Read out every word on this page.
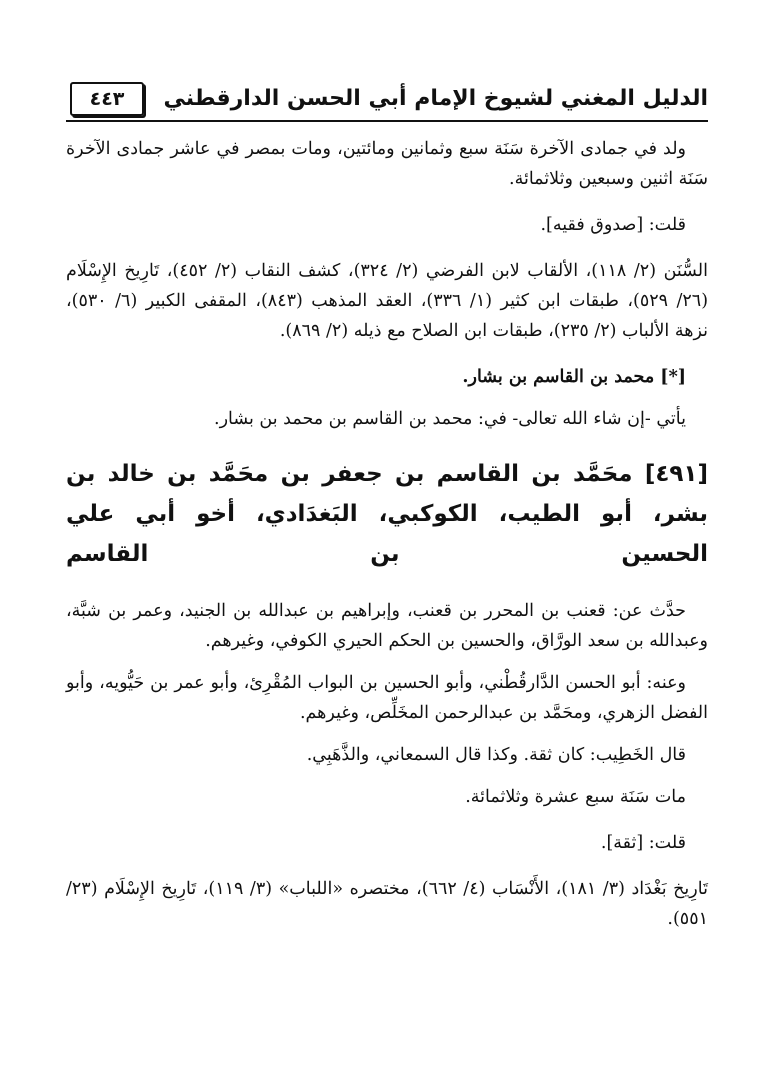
الدليل المغني لشيوخ الإمام أبي الحسن الدارقطني
٤٤٣

ولد في جمادى الآخرة سَنَة سبع وثمانين ومائتين، ومات بمصر في عاشر جمادى الآخرة سَنَة اثنين وسبعين وثلاثمائة.

قلت: [صدوق فقيه].

السُّنَن (٢/ ١١٨)، الألقاب لابن الفرضي (٢/ ٣٢٤)، كشف النقاب (٢/ ٤٥٢)، تَارِيخ الإِسْلَام (٢٦/ ٥٢٩)، طبقات ابن كثير (١/ ٣٣٦)، العقد المذهب (٨٤٣)، المقفى الكبير (٦/ ٥٣٠)، نزهة الألباب (٢/ ٢٣٥)، طبقات ابن الصلاح مع ذيله (٢/ ٨٦٩).

[*] محمد بن القاسم بن بشار.

يأتي -إن شاء الله تعالى- في: محمد بن القاسم بن محمد بن بشار.

[٤٩١] محَمَّد بن القاسم بن جعفر بن محَمَّد بن خالد بن بشر، أبو الطيب، الكوكبي، البَغدَادي، أخو أبي علي الحسين بن القاسم

حدَّث عن: قعنب بن المحرر بن قعنب، وإبراهيم بن عبدالله بن الجنيد، وعمر بن شبَّة، وعبدالله بن سعد الورَّاق، والحسين بن الحكم الحيري الكوفي، وغيرهم.

وعنه: أبو الحسن الدَّارقُطْني، وأبو الحسين بن البواب المُقْرِئ، وأبو عمر بن حَيُّويه، وأبو الفضل الزهري، ومحَمَّد بن عبدالرحمن المخَلِّص، وغيرهم.

قال الخَطِيب: كان ثقة. وكذا قال السمعاني، والذَّهَبِي.

مات سَنَة سبع عشرة وثلاثمائة.

قلت: [ثقة].

تَارِيخ بَغْدَاد (٣/ ١٨١)، الأَنْسَاب (٤/ ٦٦٢)، مختصره «اللباب» (٣/ ١١٩)، تَارِيخ الإِسْلَام (٢٣/ ٥٥١).
